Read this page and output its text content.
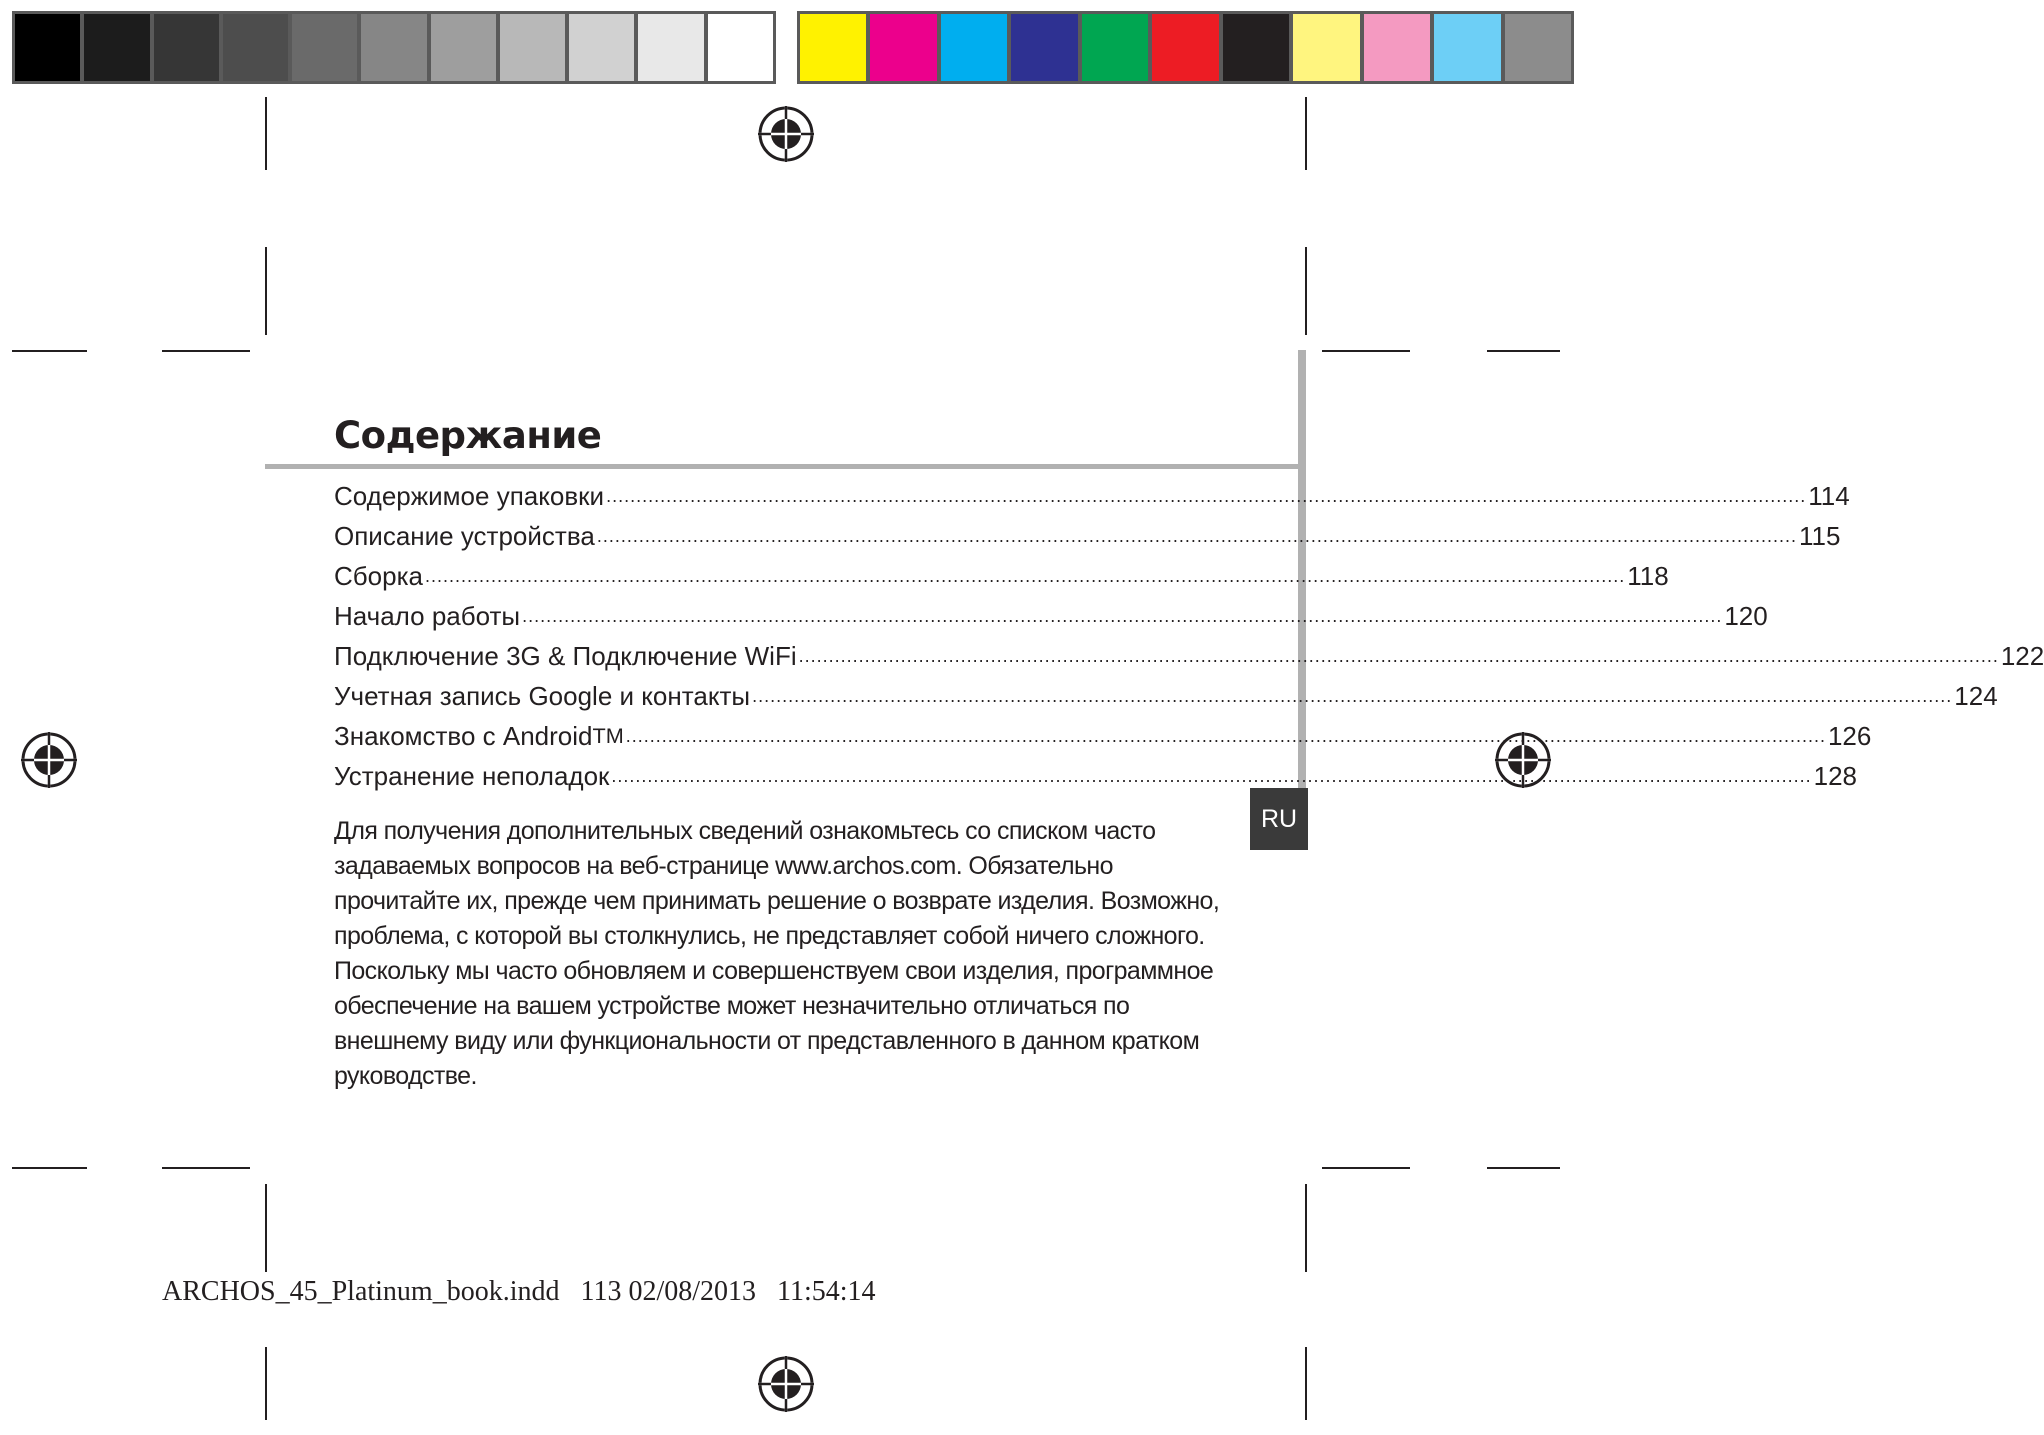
Содержание
RU
Содержимое упаковки ........................................................................................................................................................................................................ 114
Описание устройства ........................................................................................................................................................................................................ 115
Сборка ........................................................................................................................................................................................................ 118
Начало работы ........................................................................................................................................................................................................ 120
Подключение 3G & Подключение WiFi ........................................................................................................................................................................................................ 122
Учетная запись Google и контакты ........................................................................................................................................................................................................ 124
Знакомство с Android TM ........................................................................................................................................................................................................ 126
Устранение неполадок ........................................................................................................................................................................................................ 128

Для получения дополнительных сведений ознакомьтесь со списком часто задаваемых вопросов на веб-странице www.archos.com. Обязательно прочитайте их, прежде чем принимать решение о возврате изделия. Возможно, проблема, с которой вы столкнулись, не представляет собой ничего сложного. Поскольку мы часто обновляем и совершенствуем свои изделия, программное обеспечение на вашем устройстве может незначительно отличаться по внешнему виду или функциональности от представленного в данном кратком руководстве.

ARCHOS_45_Platinum_book.indd 113 02/08/2013 11:54:14
